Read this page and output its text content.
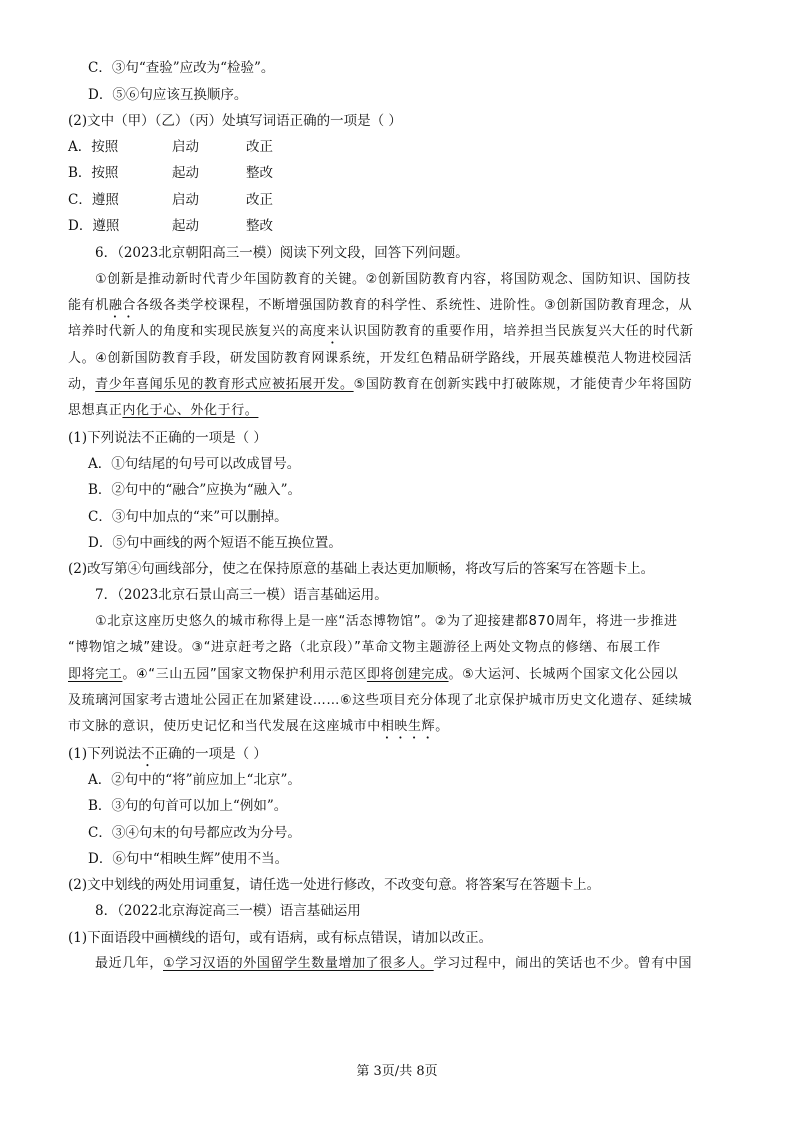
C．③句“查验”应改为“检验”。
D．⑤⑥句应该互换顺序。
(2)文中（甲）（乙）（丙）处填写词语正确的一项是（ ）
A．按照	启动	改正
B．按照	起动	整改
C．遵照	启动	改正
D．遵照	起动	整改
6．（2023北京朝阳高三一模）阅读下列文段，回答下列问题。
①创新是推动新时代青少年国防教育的关键。②创新国防教育内容，将国防观念、国防知识、国防技
能有机融合各级各类学校课程，不断增强国防教育的科学性、系统性、进阶性。③创新国防教育理念，从
培养时代新人的角度和实现民族复兴的高度来认识国防教育的重要作用，培养担当民族复兴大任的时代新
人。④创新国防教育手段，研发国防教育网课系统，开发红色精品研学路线，开展英雄模范人物进校园活
动，青少年喜闻乐见的教育形式应被拓展开发。⑤国防教育在创新实践中打破陈规，才能使青少年将国防
思想真正内化于心、外化于行。
(1)下列说法不正确的一项是（ ）
A．①句结尾的句号可以改成冒号。
B．②句中的“融合”应换为“融入”。
C．③句中加点的“来”可以删掉。
D．⑤句中画线的两个短语不能互换位置。
(2)改写第④句画线部分，使之在保持原意的基础上表达更加顺畅，将改写后的答案写在答题卡上。
7．（2023北京石景山高三一模）语言基础运用。
①北京这座历史悠久的城市称得上是一座“活态博物馆”。②为了迎接建都870周年，将进一步推进
“博物馆之城”建设。③“进京赶考之路（北京段）”革命文物主题游径上两处文物点的修缮、布展工作
即将完工。④“三山五园”国家文物保护利用示范区即将创建完成。⑤大运河、长城两个国家文化公园以
及琉璃河国家考古遗址公园正在加紧建设……⑥这些项目充分体现了北京保护城市历史文化遗存、延续城
市文脉的意识，使历史记忆和当代发展在这座城市中相映生辉。
(1)下列说法不正确的一项是（ ）
A．②句中的“将”前应加上“北京”。
B．③句的句首可以加上“例如”。
C．③④句末的句号都应改为分号。
D．⑥句中“相映生辉”使用不当。
(2)文中划线的两处用词重复，请任选一处进行修改，不改变句意。将答案写在答题卡上。
8．（2022北京海淀高三一模）语言基础运用
(1)下面语段中画横线的语句，或有语病，或有标点错误，请加以改正。
最近几年，①学习汉语的外国留学生数量增加了很多人。学习过程中，闹出的笑话也不少。曾有中国
第 3页/共 8页
